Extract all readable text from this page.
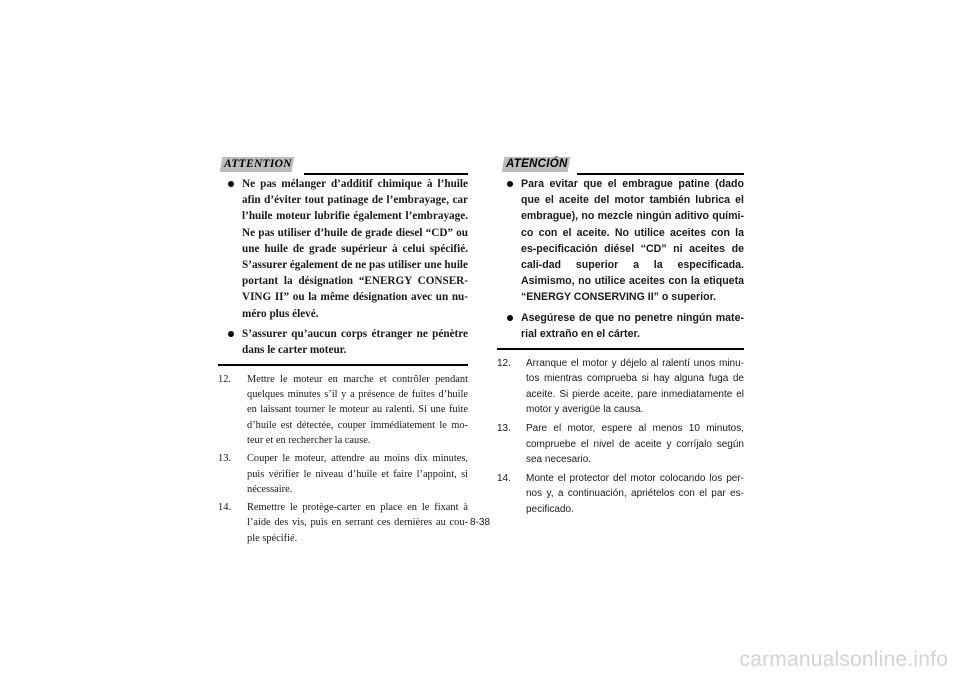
ATTENTION
Ne pas mélanger d’additif chimique à l’huile afin d’éviter tout patinage de l’embrayage, car l’huile moteur lubrifie également l’embrayage. Ne pas utiliser d’huile de grade diesel “CD” ou une huile de grade supérieur à celui spécifié. S’assurer également de ne pas utiliser une huile portant la désignation “ENERGY CONSER-VING II” ou la même désignation avec un nu-méro plus élevé.
S’assurer qu’aucun corps étranger ne pénètre dans le carter moteur.
12. Mettre le moteur en marche et contrôler pendant quelques minutes s’il y a présence de fuites d’huile en laissant tourner le moteur au ralenti. Si une fuite d’huile est détectée, couper immédiatement le mo-teur et en rechercher la cause.
13. Couper le moteur, attendre au moins dix minutes, puis vérifier le niveau d’huile et faire l’appoint, si nécessaire.
14. Remettre le protège-carter en place en le fixant à l’aide des vis, puis en serrant ces dernières au cou-ple spécifié.
ATENCIÓN
Para evitar que el embrague patine (dado que el aceite del motor también lubrica el embrague), no mezcle ningún aditivo quími-co con el aceite. No utilice aceites con la es-pecificación diésel “CD” ni aceites de cali-dad superior a la especificada. Asimismo, no utilice aceites con la etiqueta “ENERGY CONSERVING II” o superior.
Asegúrese de que no penetre ningún mate-rial extraño en el cárter.
12. Arranque el motor y déjelo al ralentí unos minu-tos mientras comprueba si hay alguna fuga de aceite. Si pierde aceite, pare inmediatamente el motor y averigüe la causa.
13. Pare el motor, espere al menos 10 minutos, compruebe el nivel de aceite y corríjalo según sea necesario.
14. Monte el protector del motor colocando los per-nos y, a continuación, apriételos con el par es-pecificado.
8-38
carmanualsonline.info
